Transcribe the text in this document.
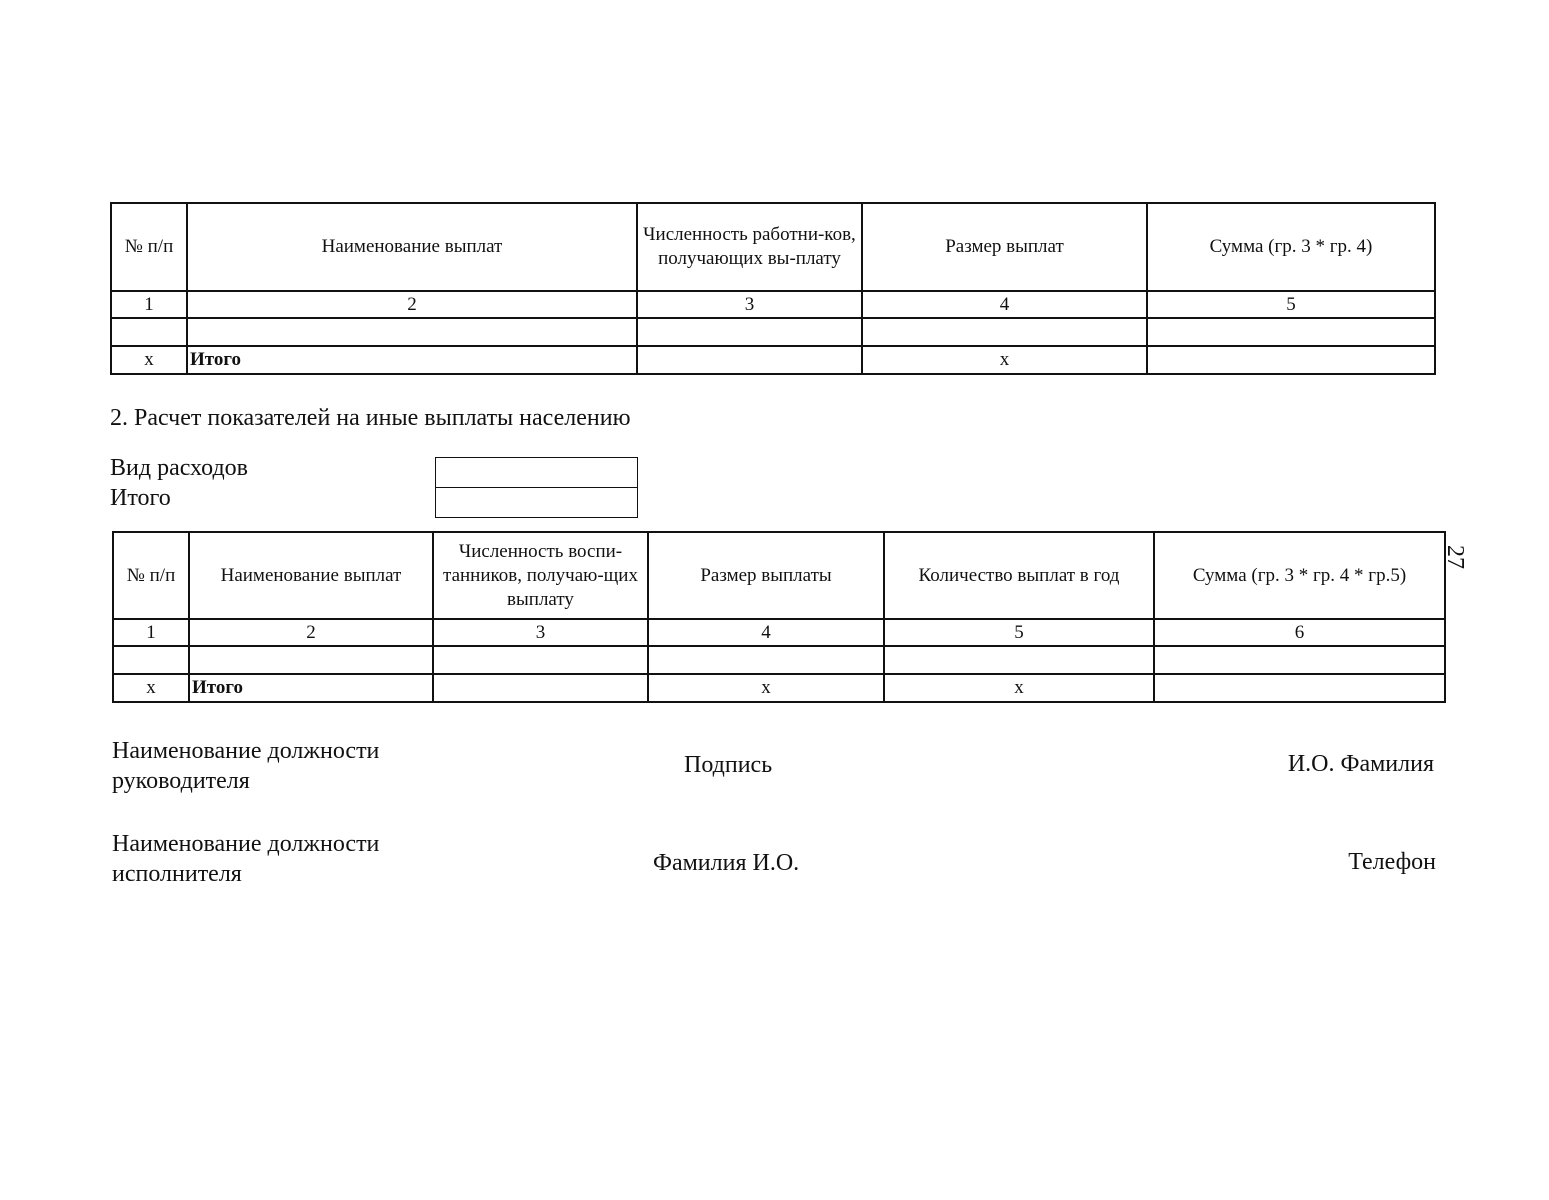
№ п/п	Наименование выплат	Численность работни-ков, получающих вы-плату	Размер выплат	Сумма (гр. 3 * гр. 4)
1	2	3	4	5

x	Итого		x	
2. Расчет показателей на иные выплаты населению
Вид расходов
Итого
№ п/п	Наименование выплат	Численность воспи-танников, получаю-щих выплату	Размер выплаты	Количество выплат в год	Сумма (гр. 3 * гр. 4 * гр.5)
1	2	3	4	5	6

x	Итого		x	x	
27
Наименование должности руководителя
Подпись	И.О. Фамилия
Наименование должности исполнителя	Фамилия И.О.	Телефон
